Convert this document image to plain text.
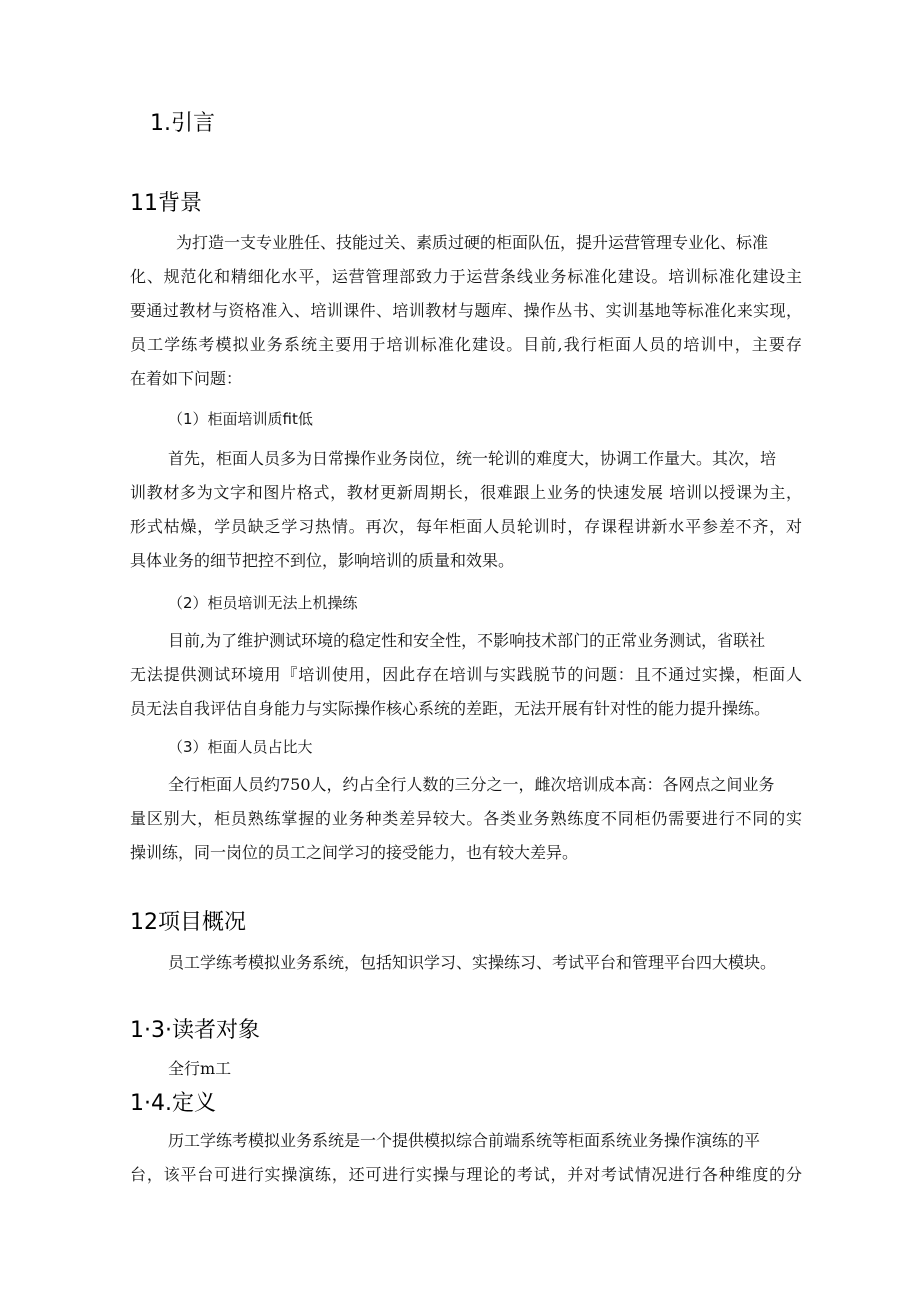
1.引言
11背景
为打造一支专业胜任、技能过关、素质过硬的柜面队伍，提升运营管理专业化、标准
化、规范化和精细化水平，运营管理部致力于运营条线业务标准化建设。培训标准化建设主
要通过教材与资格准入、培训课件、培训教材与题库、操作丛书、实训基地等标准化来实现，
员工学练考模拟业务系统主要用于培训标准化建设。目前,我行柜面人员的培训中，主要存
在着如下问题：
（1）柜面培训质fit低
首先，柜面人员多为日常操作业务岗位，统一轮训的难度大，协调工作量大。其次，培
训教材多为文字和图片格式，教材更新周期长，很难跟上业务的快速发展 培训以授课为主，
形式枯燥，学员缺乏学习热情。再次，每年柜面人员轮训时，存课程讲新水平参差不齐，对
具体业务的细节把控不到位，影响培训的质量和效果。
（2）柜员培训无法上机操练
目前,为了维护测试环境的稳定性和安全性，不影响技术部门的正常业务测试，省联社
无法提供测试环境用『培训使用，因此存在培训与实践脱节的问题：且不通过实操，柜面人
员无法自我评估自身能力与实际操作核心系统的差距，无法开展有针对性的能力提升操练。
（3）柜面人员占比大
全行柜面人员约750人，约占全行人数的三分之一，雌次培训成本高：各网点之间业务
量区别大，柜员熟练掌握的业务种类差异较大。各类业务熟练度不同柜仍需要进行不同的实
操训练，同一岗位的员工之间学习的接受能力，也有较大差异。
12项目概况
员工学练考模拟业务系统，包括知识学习、实操练习、考试平台和管理平台四大模块。
1·3·读者对象
全行m工
1·4.定义
历工学练考模拟业务系统是一个提供模拟综合前端系统等柜面系统业务操作演练的平
台，该平台可进行实操演练，还可进行实操与理论的考试，并对考试情况进行各种维度的分
